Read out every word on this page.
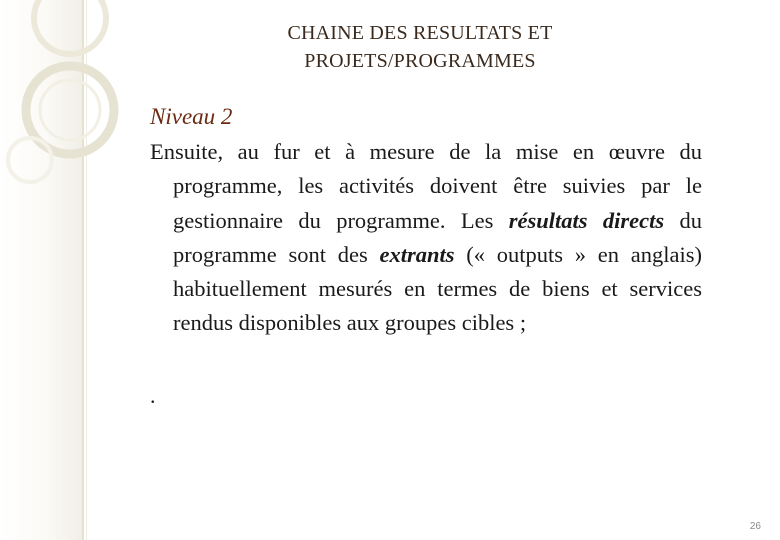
CHAINE DES RESULTATS ET
PROJETS/PROGRAMMES
Niveau 2

Ensuite, au fur et à mesure de la mise en œuvre du programme, les activités doivent être suivies par le gestionnaire du programme. Les résultats directs du programme sont des extrants (« outputs » en anglais) habituellement mesurés en termes de biens et services rendus disponibles aux groupes cibles ;

.
26
